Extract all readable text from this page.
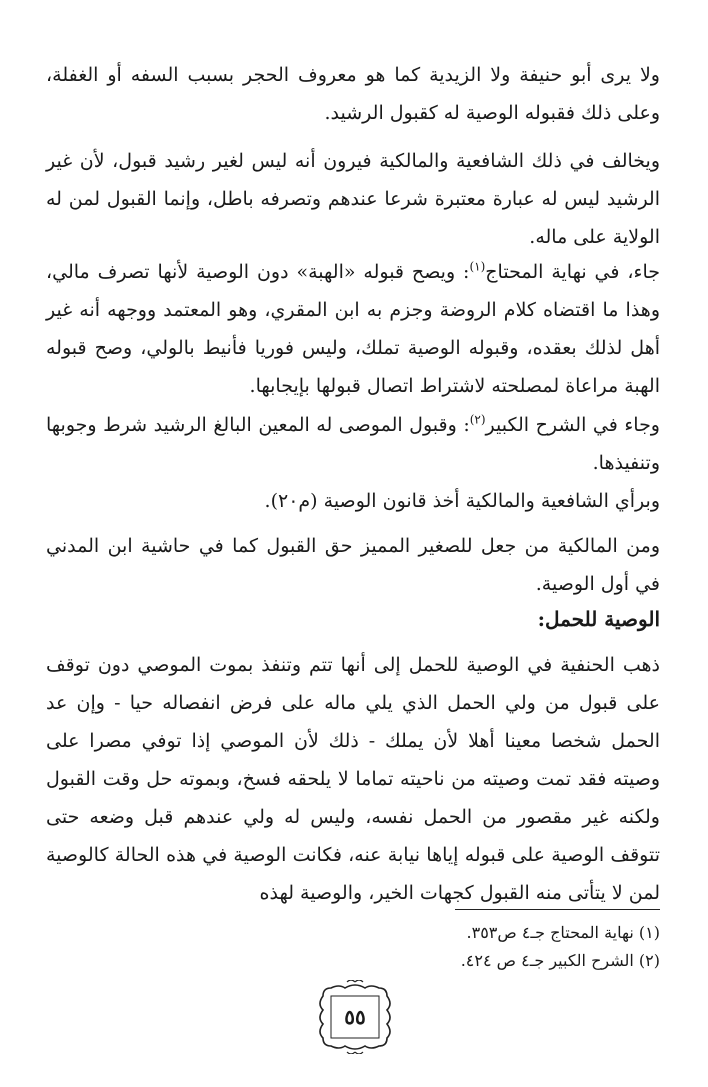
ولا يرى أبو حنيفة ولا الزيدية كما هو معروف الحجر بسبب السفه أو الغفلة، وعلى ذلك فقبوله الوصية له كقبول الرشيد.

ويخالف في ذلك الشافعية والمالكية فيرون أنه ليس لغير رشيد قبول، لأن غير الرشيد ليس له عبارة معتبرة شرعا عندهم وتصرفه باطل، وإنما القبول لمن له الولاية على ماله.

جاء، في نهاية المحتاج$^{(١)}$: ويصح قبوله «الهبة» دون الوصية لأنها تصرف مالي، وهذا ما اقتضاه كلام الروضة وجزم به ابن المقري، وهو المعتمد ووجهه أنه غير أهل لذلك بعقده، وقبوله الوصية تملك، وليس فوريا فأنيط بالولي، وصح قبوله الهبة مراعاة لمصلحته لاشتراط اتصال قبولها بإيجابها.

وجاء في الشرح الكبير$^{(٢)}$: وقبول الموصى له المعين البالغ الرشيد شرط وجوبها وتنفيذها.

وبرأي الشافعية والمالكية أخذ قانون الوصية (م٢٠).

ومن المالكية من جعل للصغير المميز حق القبول كما في حاشية ابن المدني في أول الوصية.

الوصية للحمل:

ذهب الحنفية في الوصية للحمل إلى أنها تتم وتنفذ بموت الموصي دون توقف على قبول من ولي الحمل الذي يلي ماله على فرض انفصاله حيا - وإن عد الحمل شخصا معينا أهلا لأن يملك - ذلك لأن الموصي إذا توفي مصرا على وصيته فقد تمت وصيته من ناحيته تماما لا يلحقه فسخ، وبموته حل وقت القبول ولكنه غير مقصور من الحمل نفسه، وليس له ولي عندهم قبل وضعه حتى تتوقف الوصية على قبوله إياها نيابة عنه، فكانت الوصية في هذه الحالة كالوصية لمن لا يتأتى منه القبول كجهات الخير، والوصية لهذه

(١) نهاية المحتاج جـ٤ ص٣٥٣.
(٢) الشرح الكبير جـ٤ ص ٤٢٤.
٥٥
